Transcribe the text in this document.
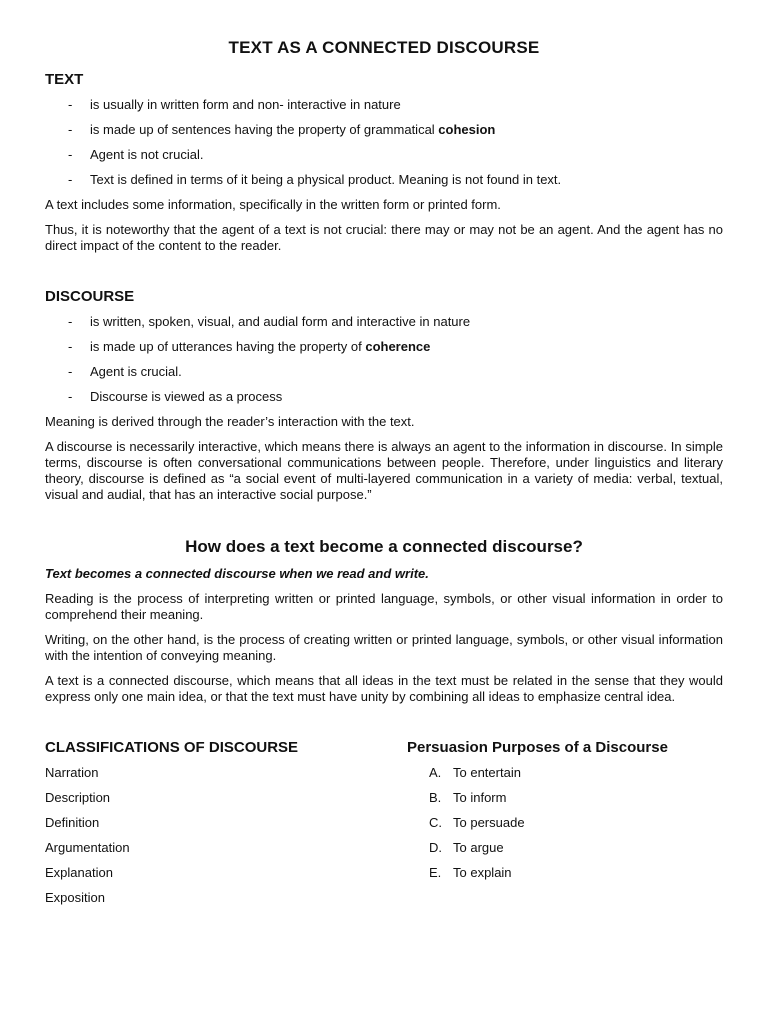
TEXT AS A CONNECTED DISCOURSE
TEXT
- is usually in written form and non- interactive in nature
- is made up of sentences having the property of grammatical cohesion
- Agent is not crucial.
- Text is defined in terms of it being a physical product. Meaning is not found in text.

A text includes some information, specifically in the written form or printed form.

Thus, it is noteworthy that the agent of a text is not crucial: there may or may not be an agent. And the agent has no direct impact of the content to the reader.

DISCOURSE
- is written, spoken, visual, and audial form and interactive in nature
- is made up of utterances having the property of coherence
- Agent is crucial.
- Discourse is viewed as a process

Meaning is derived through the reader’s interaction with the text.

A discourse is necessarily interactive, which means there is always an agent to the information in discourse. In simple terms, discourse is often conversational communications between people. Therefore, under linguistics and literary theory, discourse is defined as “a social event of multi-layered communication in a variety of media: verbal, textual, visual and audial, that has an interactive social purpose.”

How does a text become a connected discourse?

Text becomes a connected discourse when we read and write.

Reading is the process of interpreting written or printed language, symbols, or other visual information in order to comprehend their meaning.

Writing, on the other hand, is the process of creating written or printed language, symbols, or other visual information with the intention of conveying meaning.

A text is a connected discourse, which means that all ideas in the text must be related in the sense that they would express only one main idea, or that the text must have unity by combining all ideas to emphasize central idea.

CLASSIFICATIONS OF DISCOURSE
Narration
Description
Definition
Argumentation
Explanation
Exposition
Persuasion Purposes of a Discourse
A. To entertain
B. To inform
C. To persuade
D. To argue
E. To explain
